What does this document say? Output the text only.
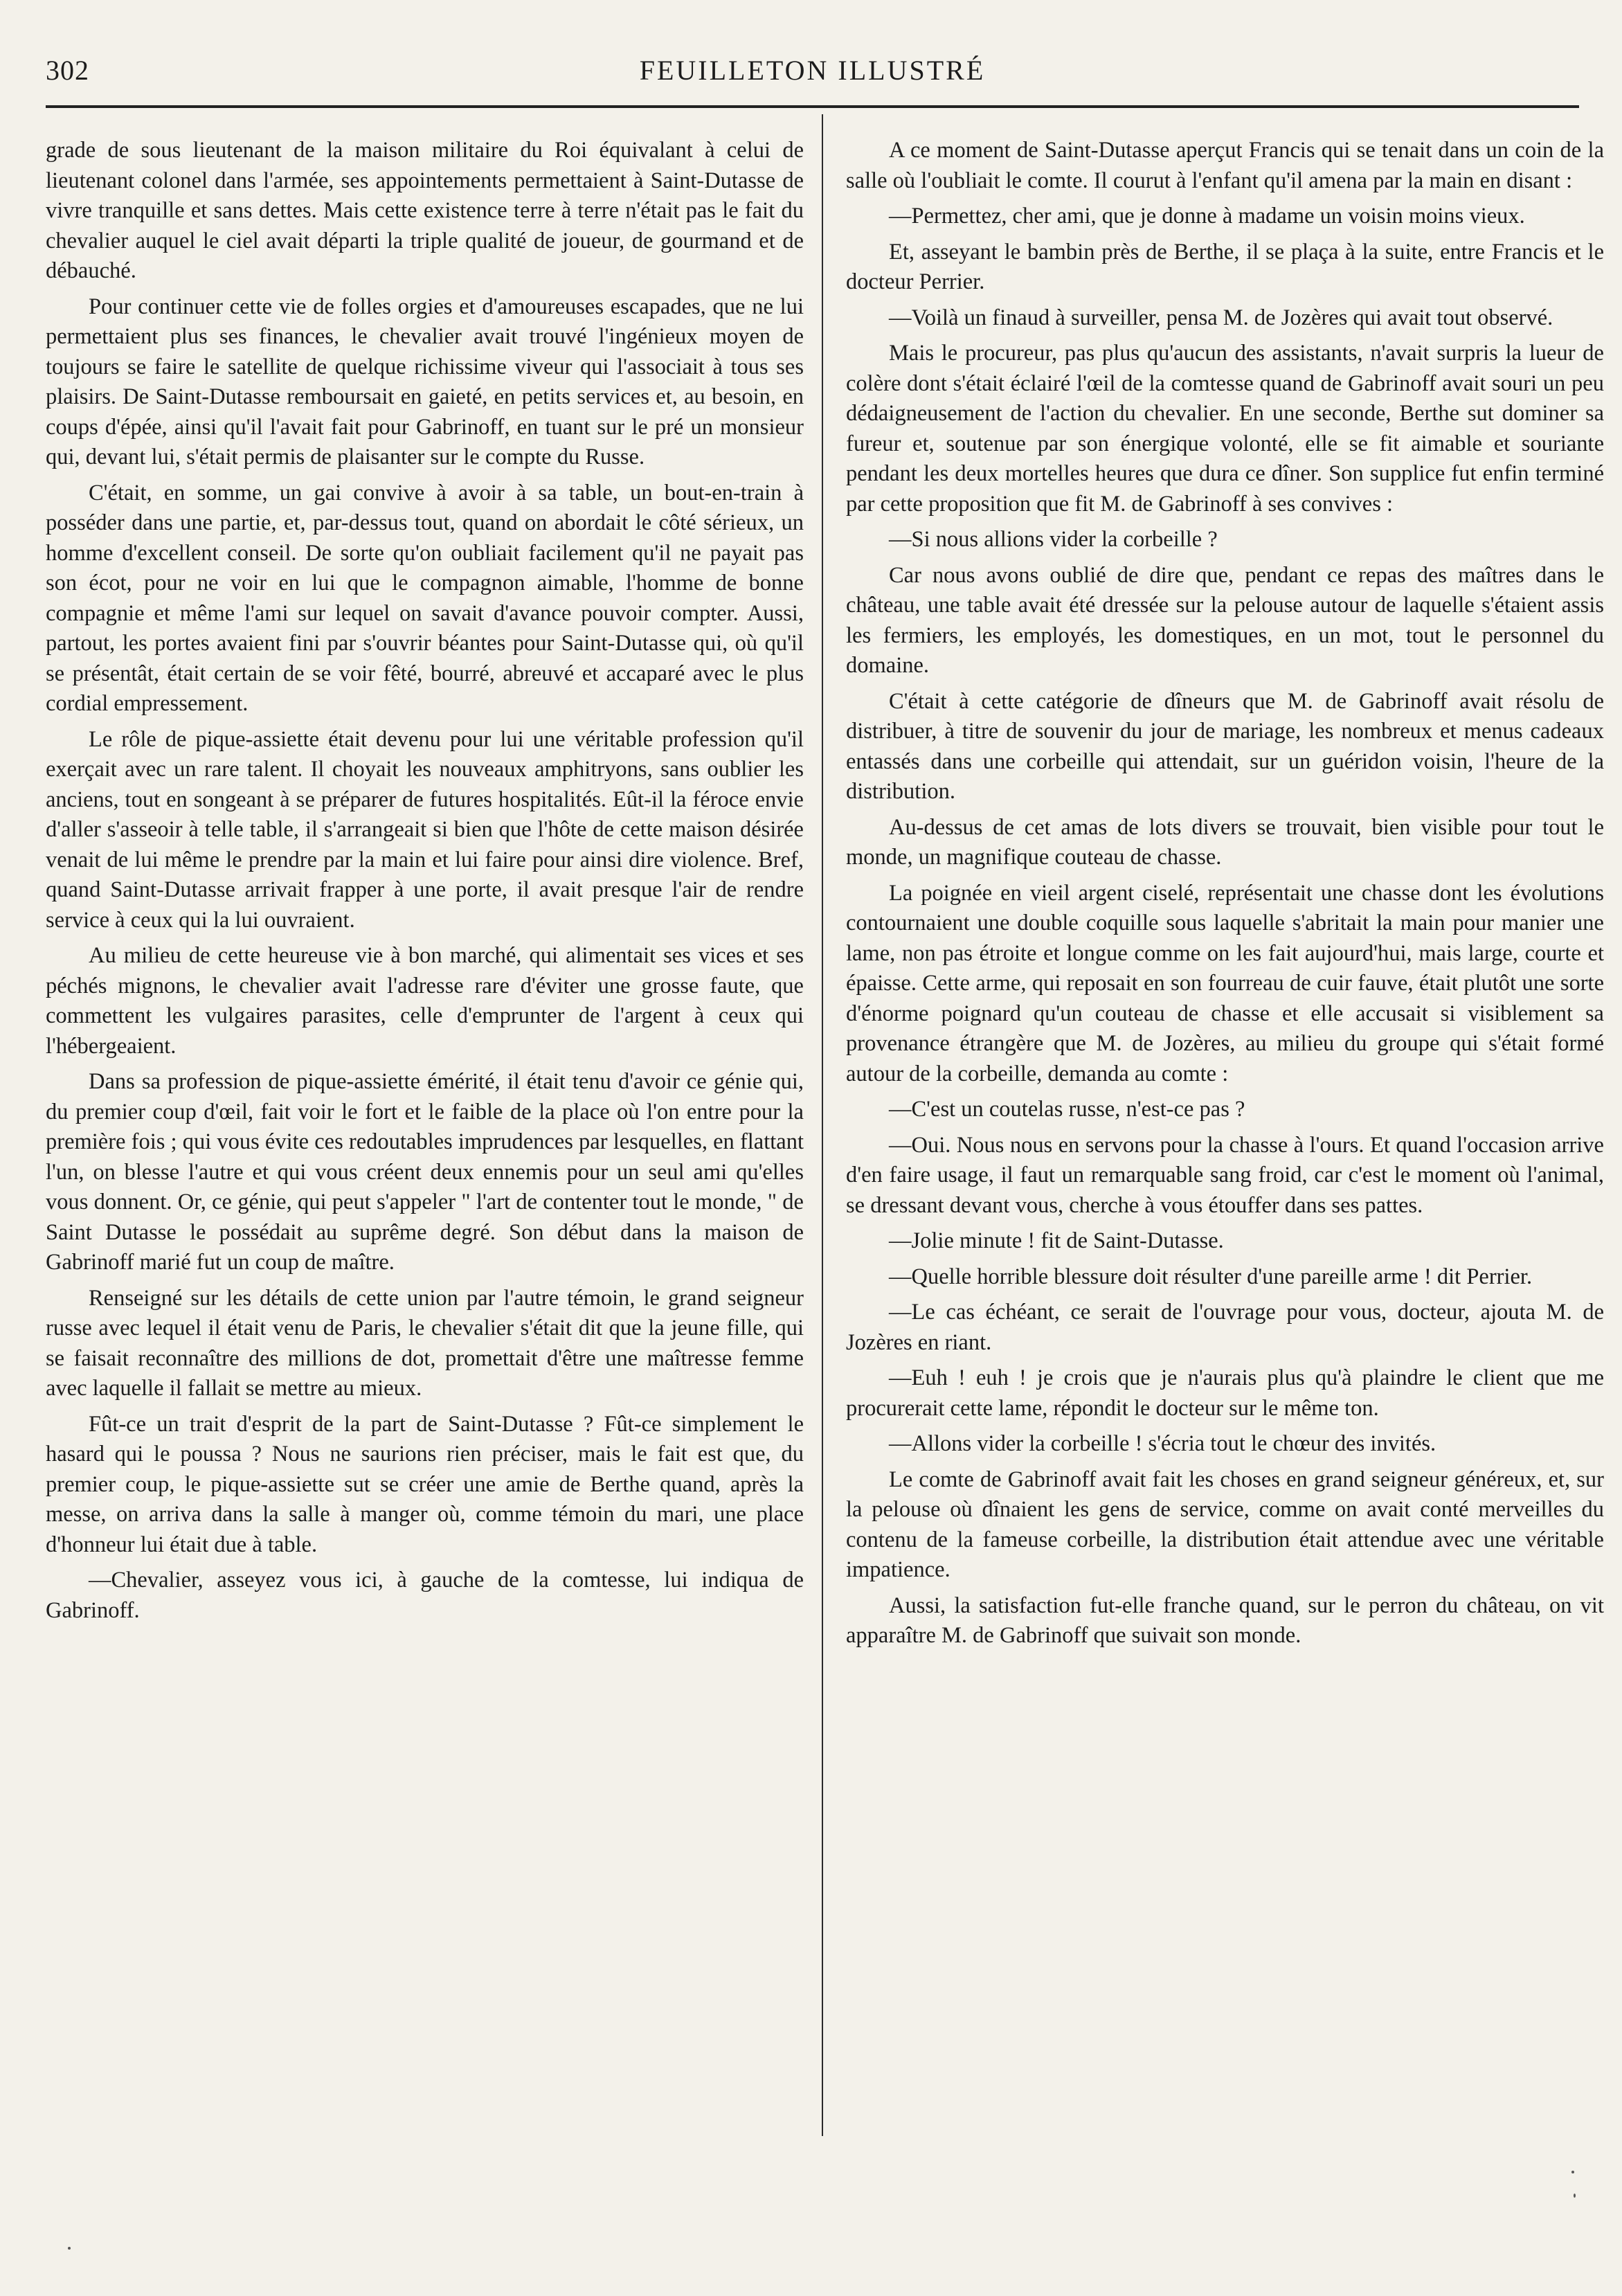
302	FEUILLETON ILLUSTRÉ

grade de sous lieutenant de la maison militaire du Roi équivalant à celui de lieutenant colonel dans l'armée, ses appointements permettaient à Saint-Dutasse de vivre tranquille et sans dettes. Mais cette existence terre à terre n'était pas le fait du chevalier auquel le ciel avait départi la triple qualité de joueur, de gourmand et de débauché.

Pour continuer cette vie de folles orgies et d'amoureuses escapades, que ne lui permettaient plus ses finances, le chevalier avait trouvé l'ingénieux moyen de toujours se faire le satellite de quelque richissime viveur qui l'associait à tous ses plaisirs. De Saint-Dutasse remboursait en gaieté, en petits services et, au besoin, en coups d'épée, ainsi qu'il l'avait fait pour Gabrinoff, en tuant sur le pré un monsieur qui, devant lui, s'était permis de plaisanter sur le compte du Russe.

C'était, en somme, un gai convive à avoir à sa table, un bout-en-train à posséder dans une partie, et, par-dessus tout, quand on abordait le côté sérieux, un homme d'excellent conseil. De sorte qu'on oubliait facilement qu'il ne payait pas son écot, pour ne voir en lui que le compagnon aimable, l'homme de bonne compagnie et même l'ami sur lequel on savait d'avance pouvoir compter. Aussi, partout, les portes avaient fini par s'ouvrir béantes pour Saint-Dutasse qui, où qu'il se présentât, était certain de se voir fêté, bourré, abreuvé et accaparé avec le plus cordial empressement.

Le rôle de pique-assiette était devenu pour lui une véritable profession qu'il exerçait avec un rare talent. Il choyait les nouveaux amphitryons, sans oublier les anciens, tout en songeant à se préparer de futures hospitalités. Eût-il la féroce envie d'aller s'asseoir à telle table, il s'arrangeait si bien que l'hôte de cette maison désirée venait de lui même le prendre par la main et lui faire pour ainsi dire violence. Bref, quand Saint-Dutasse arrivait frapper à une porte, il avait presque l'air de rendre service à ceux qui la lui ouvraient.

Au milieu de cette heureuse vie à bon marché, qui alimentait ses vices et ses péchés mignons, le chevalier avait l'adresse rare d'éviter une grosse faute, que commettent les vulgaires parasites, celle d'emprunter de l'argent à ceux qui l'hébergeaient.

Dans sa profession de pique-assiette émérité, il était tenu d'avoir ce génie qui, du premier coup d'œil, fait voir le fort et le faible de la place où l'on entre pour la première fois ; qui vous évite ces redoutables imprudences par lesquelles, en flattant l'un, on blesse l'autre et qui vous créent deux ennemis pour un seul ami qu'elles vous donnent. Or, ce génie, qui peut s'appeler " l'art de contenter tout le monde, " de Saint Dutasse le possédait au suprême degré. Son début dans la maison de Gabrinoff marié fut un coup de maître.

Renseigné sur les détails de cette union par l'autre témoin, le grand seigneur russe avec lequel il était venu de Paris, le chevalier s'était dit que la jeune fille, qui se faisait reconnaître des millions de dot, promettait d'être une maîtresse femme avec laquelle il fallait se mettre au mieux.

Fût-ce un trait d'esprit de la part de Saint-Dutasse ? Fût-ce simplement le hasard qui le poussa ? Nous ne saurions rien préciser, mais le fait est que, du premier coup, le pique-assiette sut se créer une amie de Berthe quand, après la messe, on arriva dans la salle à manger où, comme témoin du mari, une place d'honneur lui était due à table.

—Chevalier, asseyez vous ici, à gauche de la comtesse, lui indiqua de Gabrinoff.

A ce moment de Saint-Dutasse aperçut Francis qui se tenait dans un coin de la salle où l'oubliait le comte. Il courut à l'enfant qu'il amena par la main en disant :

—Permettez, cher ami, que je donne à madame un voisin moins vieux.

Et, asseyant le bambin près de Berthe, il se plaça à la suite, entre Francis et le docteur Perrier.

—Voilà un finaud à surveiller, pensa M. de Jozères qui avait tout observé.

Mais le procureur, pas plus qu'aucun des assistants, n'avait surpris la lueur de colère dont s'était éclairé l'œil de la comtesse quand de Gabrinoff avait souri un peu dédaigneusement de l'action du chevalier. En une seconde, Berthe sut dominer sa fureur et, soutenue par son énergique volonté, elle se fit aimable et souriante pendant les deux mortelles heures que dura ce dîner. Son supplice fut enfin terminé par cette proposition que fit M. de Gabrinoff à ses convives :

—Si nous allions vider la corbeille ?

Car nous avons oublié de dire que, pendant ce repas des maîtres dans le château, une table avait été dressée sur la pelouse autour de laquelle s'étaient assis les fermiers, les employés, les domestiques, en un mot, tout le personnel du domaine.

C'était à cette catégorie de dîneurs que M. de Gabrinoff avait résolu de distribuer, à titre de souvenir du jour de mariage, les nombreux et menus cadeaux entassés dans une corbeille qui attendait, sur un guéridon voisin, l'heure de la distribution.

Au-dessus de cet amas de lots divers se trouvait, bien visible pour tout le monde, un magnifique couteau de chasse.

La poignée en vieil argent ciselé, représentait une chasse dont les évolutions contournaient une double coquille sous laquelle s'abritait la main pour manier une lame, non pas étroite et longue comme on les fait aujourd'hui, mais large, courte et épaisse. Cette arme, qui reposait en son fourreau de cuir fauve, était plutôt une sorte d'énorme poignard qu'un couteau de chasse et elle accusait si visiblement sa provenance étrangère que M. de Jozères, au milieu du groupe qui s'était formé autour de la corbeille, demanda au comte :

—C'est un coutelas russe, n'est-ce pas ?

—Oui. Nous nous en servons pour la chasse à l'ours. Et quand l'occasion arrive d'en faire usage, il faut un remarquable sang froid, car c'est le moment où l'animal, se dressant devant vous, cherche à vous étouffer dans ses pattes.

—Jolie minute ! fit de Saint-Dutasse.

—Quelle horrible blessure doit résulter d'une pareille arme ! dit Perrier.

—Le cas échéant, ce serait de l'ouvrage pour vous, docteur, ajouta M. de Jozères en riant.

—Euh ! euh ! je crois que je n'aurais plus qu'à plaindre le client que me procurerait cette lame, répondit le docteur sur le même ton.

—Allons vider la corbeille ! s'écria tout le chœur des invités.

Le comte de Gabrinoff avait fait les choses en grand seigneur généreux, et, sur la pelouse où dînaient les gens de service, comme on avait conté merveilles du contenu de la fameuse corbeille, la distribution était attendue avec une véritable impatience.

Aussi, la satisfaction fut-elle franche quand, sur le perron du château, on vit apparaître M. de Gabrinoff que suivait son monde.
